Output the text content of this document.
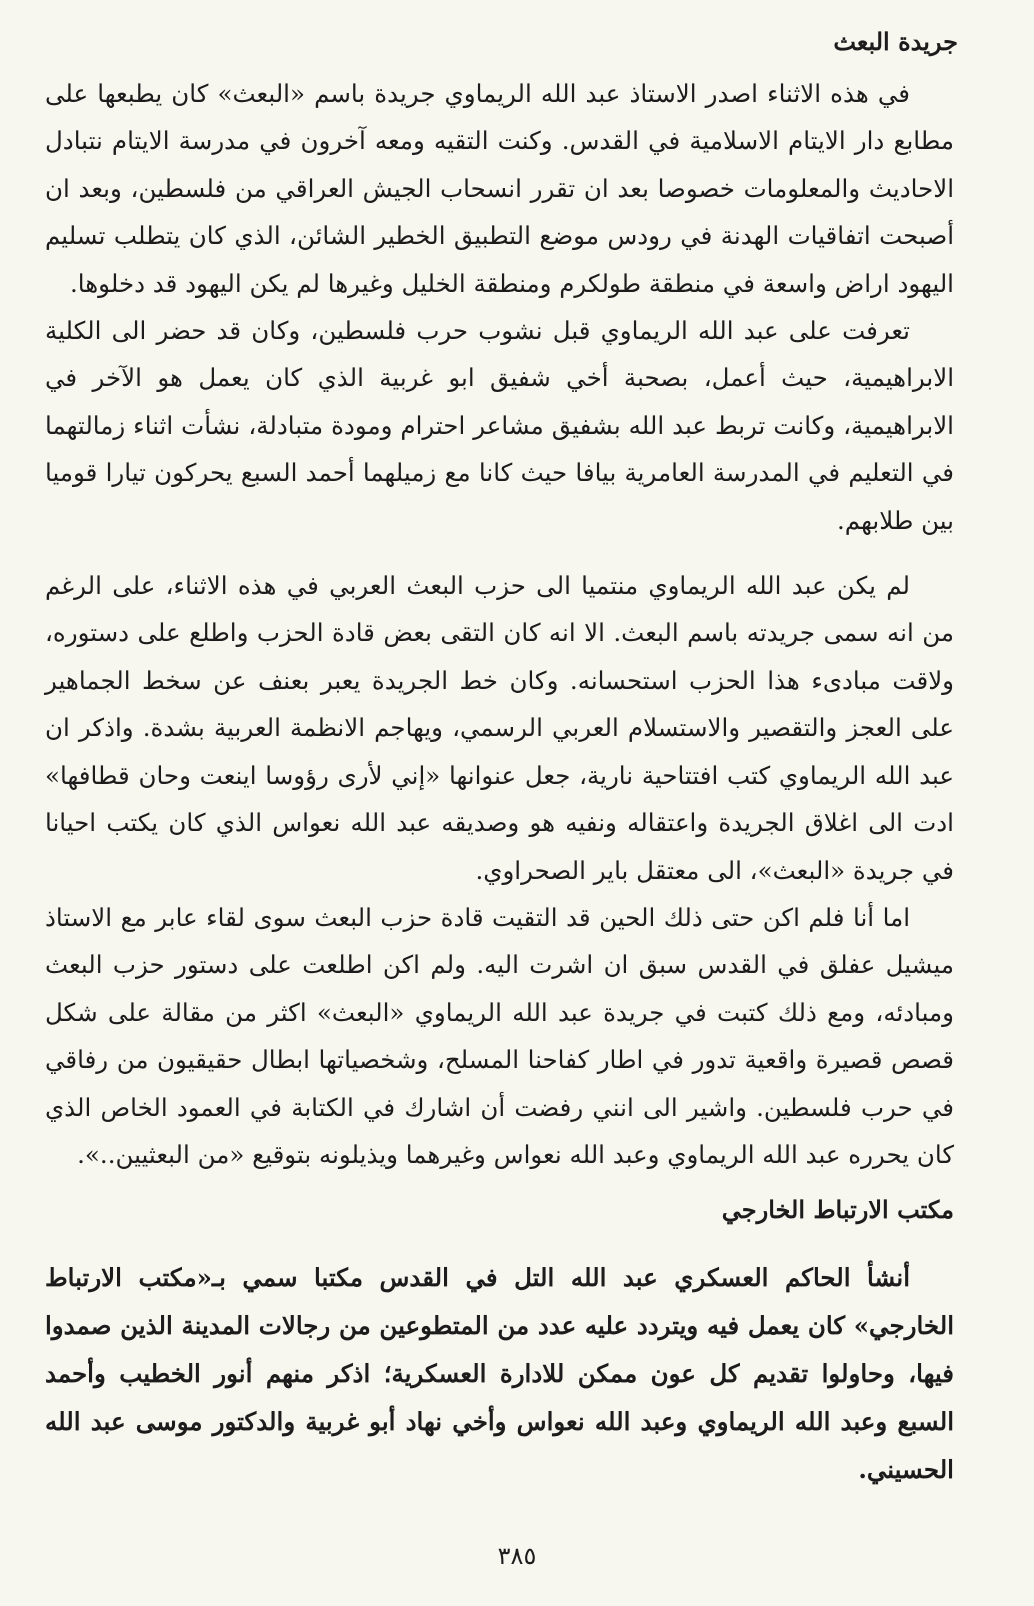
جريدة البعث

في هذه الاثناء اصدر الاستاذ عبد الله الريماوي جريدة باسم «البعث» كان يطبعها على مطابع دار الايتام الاسلامية في القدس. وكنت التقيه ومعه آخرون في مدرسة الايتام نتبادل الاحاديث والمعلومات خصوصا بعد ان تقرر انسحاب الجيش العراقي من فلسطين، وبعد ان أصبحت اتفاقيات الهدنة في رودس موضع التطبيق الخطير الشائن، الذي كان يتطلب تسليم اليهود اراض واسعة في منطقة طولكرم ومنطقة الخليل وغيرها لم يكن اليهود قد دخلوها.

تعرفت على عبد الله الريماوي قبل نشوب حرب فلسطين، وكان قد حضر الى الكلية الابراهيمية، حيث أعمل، بصحبة أخي شفيق ابو غربية الذي كان يعمل هو الآخر في الابراهيمية، وكانت تربط عبد الله بشفيق مشاعر احترام ومودة متبادلة، نشأت اثناء زمالتهما في التعليم في المدرسة العامرية بيافا حيث كانا مع زميلهما أحمد السبع يحركون تيارا قوميا بين طلابهم.

لم يكن عبد الله الريماوي منتميا الى حزب البعث العربي في هذه الاثناء، على الرغم من انه سمى جريدته باسم البعث. الا انه كان التقى بعض قادة الحزب واطلع على دستوره، ولاقت مبادىء هذا الحزب استحسانه. وكان خط الجريدة يعبر بعنف عن سخط الجماهير على العجز والتقصير والاستسلام العربي الرسمي، ويهاجم الانظمة العربية بشدة. واذكر ان عبد الله الريماوي كتب افتتاحية نارية، جعل عنوانها «إني لأرى رؤوسا اينعت وحان قطافها» ادت الى اغلاق الجريدة واعتقاله ونفيه هو وصديقه عبد الله نعواس الذي كان يكتب احيانا في جريدة «البعث»، الى معتقل باير الصحراوي.

اما أنا فلم اكن حتى ذلك الحين قد التقيت قادة حزب البعث سوى لقاء عابر مع الاستاذ ميشيل عفلق في القدس سبق ان اشرت اليه. ولم اكن اطلعت على دستور حزب البعث ومبادئه، ومع ذلك كتبت في جريدة عبد الله الريماوي «البعث» اكثر من مقالة على شكل قصص قصيرة واقعية تدور في اطار كفاحنا المسلح، وشخصياتها ابطال حقيقيون من رفاقي في حرب فلسطين. واشير الى انني رفضت أن اشارك في الكتابة في العمود الخاص الذي كان يحرره عبد الله الريماوي وعبد الله نعواس وغيرهما ويذيلونه بتوقيع «من البعثيين..».

مكتب الارتباط الخارجي

أنشأ الحاكم العسكري عبد الله التل في القدس مكتبا سمي بـ«مكتب الارتباط الخارجي» كان يعمل فيه ويتردد عليه عدد من المتطوعين من رجالات المدينة الذين صمدوا فيها، وحاولوا تقديم كل عون ممكن للادارة العسكرية؛ اذكر منهم أنور الخطيب وأحمد السبع وعبد الله الريماوي وعبد الله نعواس وأخي نهاد أبو غربية والدكتور موسى عبد الله الحسيني.

٣٨٥
